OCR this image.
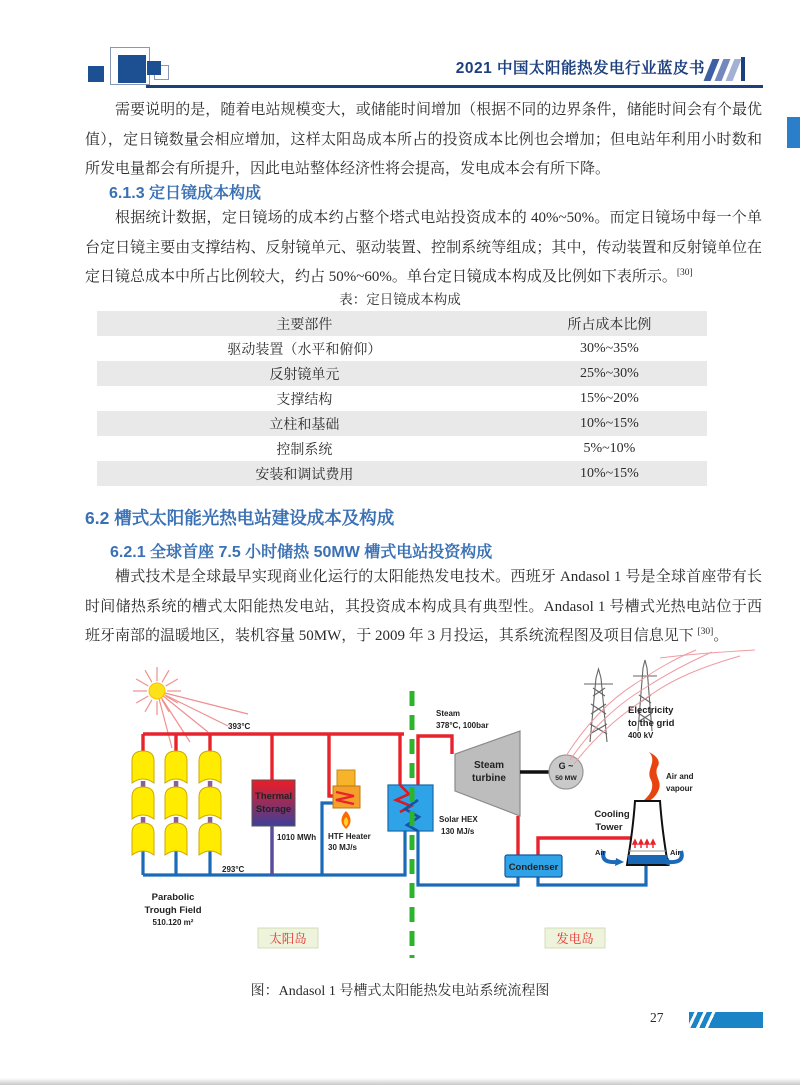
2021 中国太阳能热发电行业蓝皮书
需要说明的是，随着电站规模变大，或储能时间增加（根据不同的边界条件，储能时间会有个最优值），定日镜数量会相应增加，这样太阳岛成本所占的投资成本比例也会增加；但电站年利用小时数和所发电量都会有所提升，因此电站整体经济性将会提高，发电成本会有所下降。
6.1.3 定日镜成本构成
根据统计数据，定日镜场的成本约占整个塔式电站投资成本的 40%~50%。而定日镜场中每一个单台定日镜主要由支撑结构、反射镜单元、驱动装置、控制系统等组成；其中，传动装置和反射镜单位在定日镜总成本中所占比例较大，约占 50%~60%。单台定日镜成本构成及比例如下表所示。[30]
表：定日镜成本构成
主要部件	所占成本比例
驱动装置（水平和俯仰）	30%~35%
反射镜单元	25%~30%
支撑结构	15%~20%
立柱和基础	10%~15%
控制系统	5%~10%
安装和调试费用	10%~15%
6.2 槽式太阳能光热电站建设成本及构成
6.2.1 全球首座 7.5 小时储热 50MW 槽式电站投资构成
槽式技术是全球最早实现商业化运行的太阳能热发电技术。西班牙 Andasol 1 号是全球首座带有长时间储热系统的槽式太阳能热发电站，其投资成本构成具有典型性。Andasol 1 号槽式光热电站位于西班牙南部的温暖地区，装机容量 50MW，于 2009 年 3 月投运，其系统流程图及项目信息见下 [30]。
Thermal
Storage
1010 MWh HTF Heater
30 MJ/s
Solar HEX
130 MJ/s
Steam
378°C, 100bar
Steam
turbine
G ~
50 MW
Electricity
to the grid
400 kV
Air and
vapour
Cooling
Tower
Air	Air
Condenser
393°C
293°C
Parabolic
Trough Field
510.120 m²
太阳岛	发电岛
图：Andasol 1 号槽式太阳能热发电站系统流程图
27
